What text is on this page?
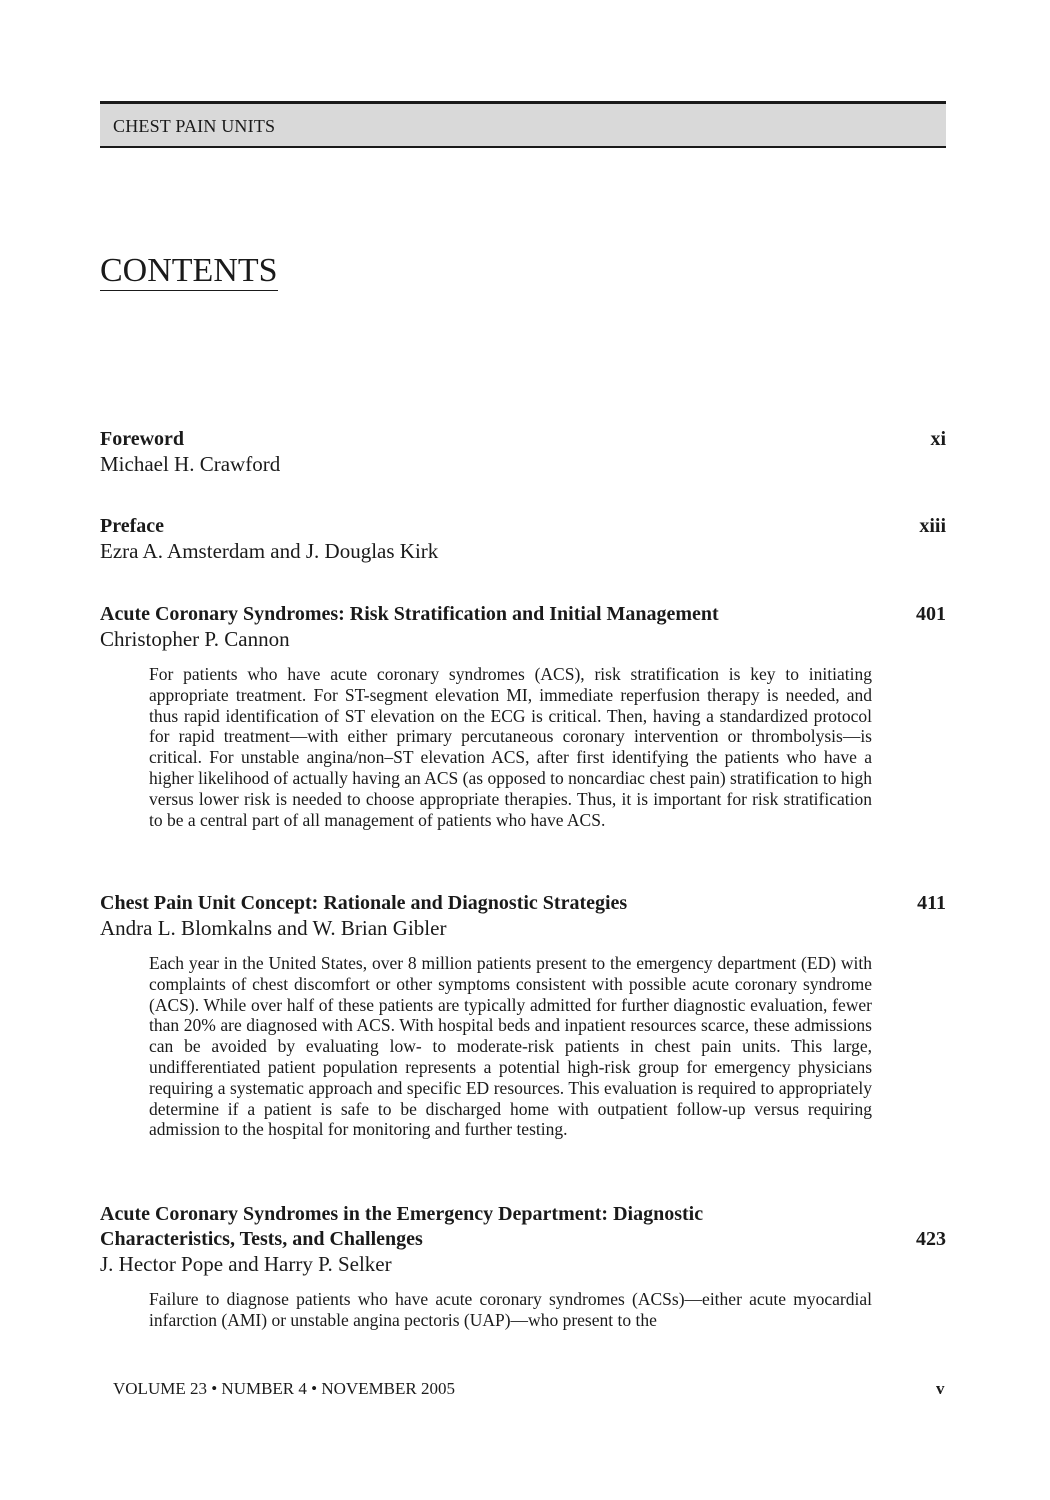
CHEST PAIN UNITS
CONTENTS
xi
Foreword
Michael H. Crawford
xiii
Preface
Ezra A. Amsterdam and J. Douglas Kirk
401
Acute Coronary Syndromes: Risk Stratification and Initial Management
Christopher P. Cannon
For patients who have acute coronary syndromes (ACS), risk stratification is key to initiating appropriate treatment. For ST-segment elevation MI, immediate reperfusion therapy is needed, and thus rapid identification of ST elevation on the ECG is critical. Then, having a standardized protocol for rapid treatment—with either primary percutaneous coronary intervention or thrombolysis—is critical. For unstable angina/non–ST elevation ACS, after first identifying the patients who have a higher likelihood of actually having an ACS (as opposed to noncardiac chest pain) stratification to high versus lower risk is needed to choose appropriate therapies. Thus, it is important for risk stratification to be a central part of all management of patients who have ACS.
411
Chest Pain Unit Concept: Rationale and Diagnostic Strategies
Andra L. Blomkalns and W. Brian Gibler
Each year in the United States, over 8 million patients present to the emergency department (ED) with complaints of chest discomfort or other symptoms consistent with possible acute coronary syndrome (ACS). While over half of these patients are typically admitted for further diagnostic evaluation, fewer than 20% are diagnosed with ACS. With hospital beds and inpatient resources scarce, these admissions can be avoided by evaluating low- to moderate-risk patients in chest pain units. This large, undifferentiated patient population represents a potential high-risk group for emergency physicians requiring a systematic approach and specific ED resources. This evaluation is required to appropriately determine if a patient is safe to be discharged home with outpatient follow-up versus requiring admission to the hospital for monitoring and further testing.
423
Acute Coronary Syndromes in the Emergency Department: Diagnostic Characteristics, Tests, and Challenges
J. Hector Pope and Harry P. Selker
Failure to diagnose patients who have acute coronary syndromes (ACSs)—either acute myocardial infarction (AMI) or unstable angina pectoris (UAP)—who present to the
VOLUME 23 • NUMBER 4 • NOVEMBER 2005	v
